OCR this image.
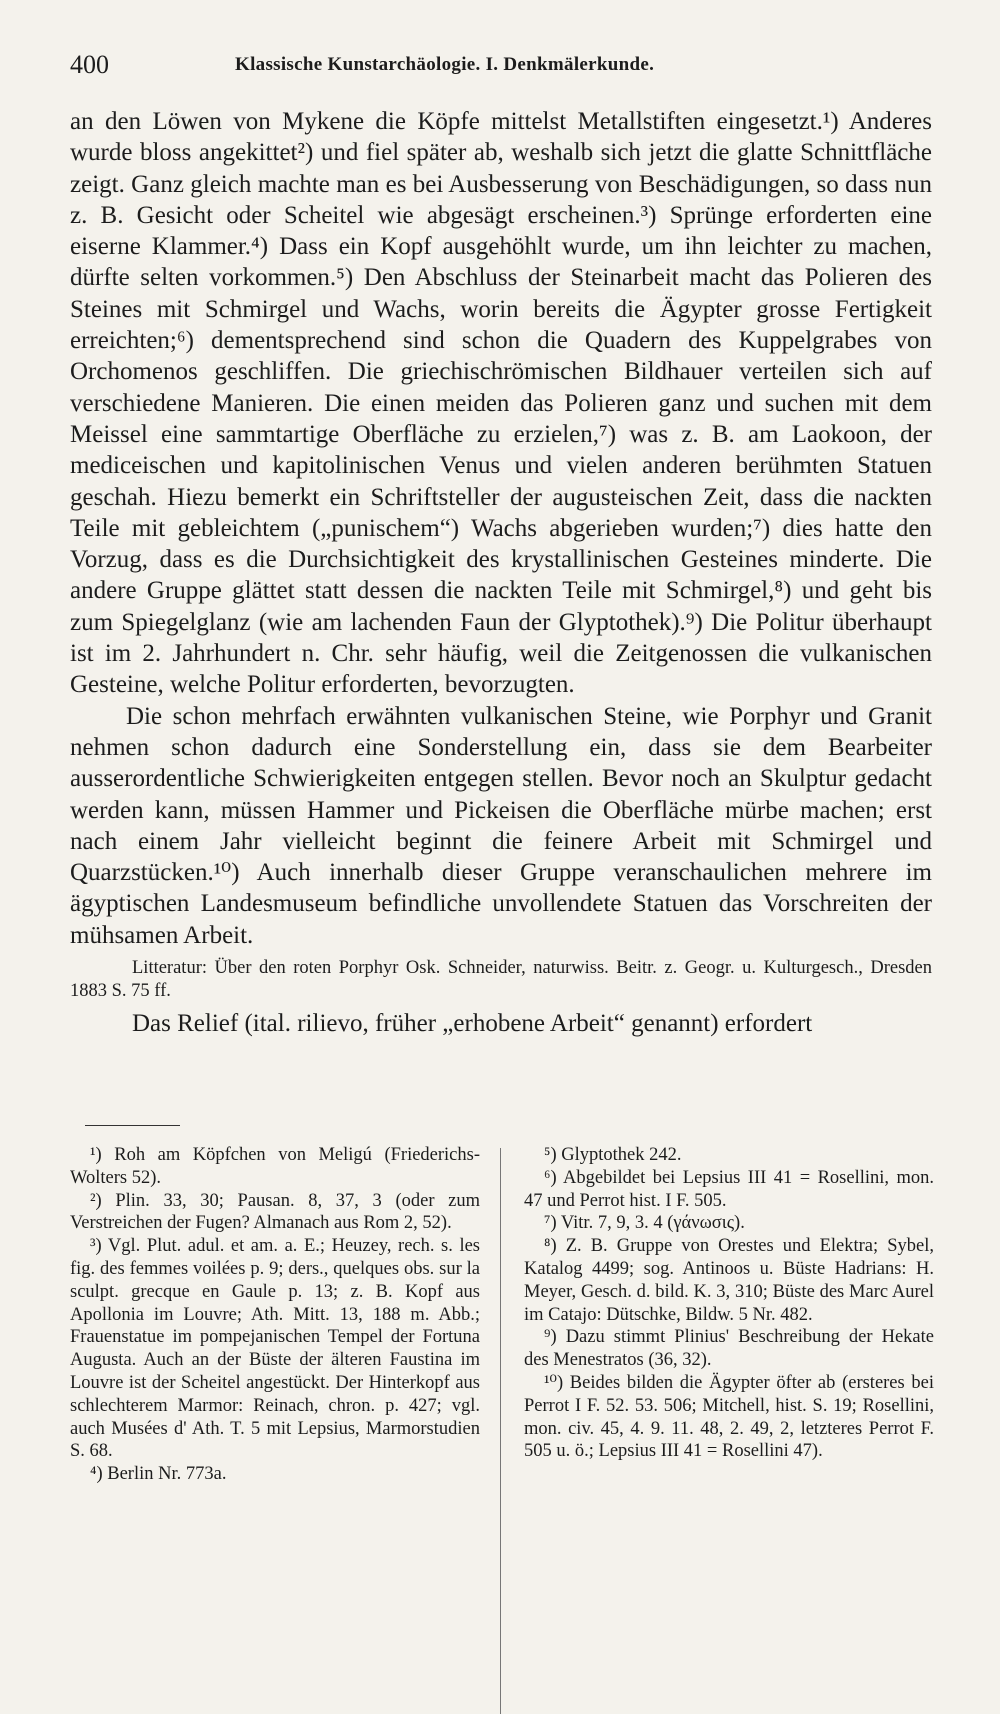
400	Klassische Kunstarchäologie. I. Denkmälerkunde.

an den Löwen von Mykene die Köpfe mittelst Metallstiften eingesetzt.¹) Anderes wurde bloss angekittet²) und fiel später ab, weshalb sich jetzt die glatte Schnittfläche zeigt. Ganz gleich machte man es bei Ausbesserung von Beschädigungen, so dass nun z. B. Gesicht oder Scheitel wie abgesägt erscheinen.³) Sprünge erforderten eine eiserne Klammer.⁴) Dass ein Kopf ausgehöhlt wurde, um ihn leichter zu machen, dürfte selten vorkommen.⁵) Den Abschluss der Steinarbeit macht das Polieren des Steines mit Schmirgel und Wachs, worin bereits die Ägypter grosse Fertigkeit erreichten;⁶) dementsprechend sind schon die Quadern des Kuppelgrabes von Orchomenos geschliffen. Die griechischrömischen Bildhauer verteilen sich auf verschiedene Manieren. Die einen meiden das Polieren ganz und suchen mit dem Meissel eine sammtartige Oberfläche zu erzielen,⁷) was z. B. am Laokoon, der mediceischen und kapitolinischen Venus und vielen anderen berühmten Statuen geschah. Hiezu bemerkt ein Schriftsteller der augusteischen Zeit, dass die nackten Teile mit gebleichtem („punischem“) Wachs abgerieben wurden;⁷) dies hatte den Vorzug, dass es die Durchsichtigkeit des krystallinischen Gesteines minderte. Die andere Gruppe glättet statt dessen die nackten Teile mit Schmirgel,⁸) und geht bis zum Spiegelglanz (wie am lachenden Faun der Glyptothek).⁹) Die Politur überhaupt ist im 2. Jahrhundert n. Chr. sehr häufig, weil die Zeitgenossen die vulkanischen Gesteine, welche Politur erforderten, bevorzugten.

Die schon mehrfach erwähnten vulkanischen Steine, wie Porphyr und Granit nehmen schon dadurch eine Sonderstellung ein, dass sie dem Bearbeiter ausserordentliche Schwierigkeiten entgegen stellen. Bevor noch an Skulptur gedacht werden kann, müssen Hammer und Pickeisen die Oberfläche mürbe machen; erst nach einem Jahr vielleicht beginnt die feinere Arbeit mit Schmirgel und Quarzstücken.¹⁰) Auch innerhalb dieser Gruppe veranschaulichen mehrere im ägyptischen Landesmuseum befindliche unvollendete Statuen das Vorschreiten der mühsamen Arbeit.

Litteratur: Über den roten Porphyr Osk. Schneider, naturwiss. Beitr. z. Geogr. u. Kulturgesch., Dresden 1883 S. 75 ff.

Das Relief (ital. rilievo, früher „erhobene Arbeit“ genannt) erfordert

¹) Roh am Köpfchen von Meligú (Friederichs-Wolters 52).

²) Plin. 33, 30; Pausan. 8, 37, 3 (oder zum Verstreichen der Fugen? Almanach aus Rom 2, 52).

³) Vgl. Plut. adul. et am. a. E.; Heuzey, rech. s. les fig. des femmes voilées p. 9; ders., quelques obs. sur la sculpt. grecque en Gaule p. 13; z. B. Kopf aus Apollonia im Louvre; Ath. Mitt. 13, 188 m. Abb.; Frauenstatue im pompejanischen Tempel der Fortuna Augusta. Auch an der Büste der älteren Faustina im Louvre ist der Scheitel angestückt. Der Hinterkopf aus schlechterem Marmor: Reinach, chron. p. 427; vgl. auch Musées d' Ath. T. 5 mit Lepsius, Marmorstudien S. 68.

⁴) Berlin Nr. 773a.

⁵) Glyptothek 242.

⁶) Abgebildet bei Lepsius III 41 = Rosellini, mon. 47 und Perrot hist. I F. 505.

⁷) Vitr. 7, 9, 3. 4 (γάνωσις).

⁸) Z. B. Gruppe von Orestes und Elektra; Sybel, Katalog 4499; sog. Antinoos u. Büste Hadrians: H. Meyer, Gesch. d. bild. K. 3, 310; Büste des Marc Aurel im Catajo: Dütschke, Bildw. 5 Nr. 482.

⁹) Dazu stimmt Plinius' Beschreibung der Hekate des Menestratos (36, 32).

¹⁰) Beides bilden die Ägypter öfter ab (ersteres bei Perrot I F. 52. 53. 506; Mitchell, hist. S. 19; Rosellini, mon. civ. 45, 4. 9. 11. 48, 2. 49, 2, letzteres Perrot F. 505 u. ö.; Lepsius III 41 = Rosellini 47).
